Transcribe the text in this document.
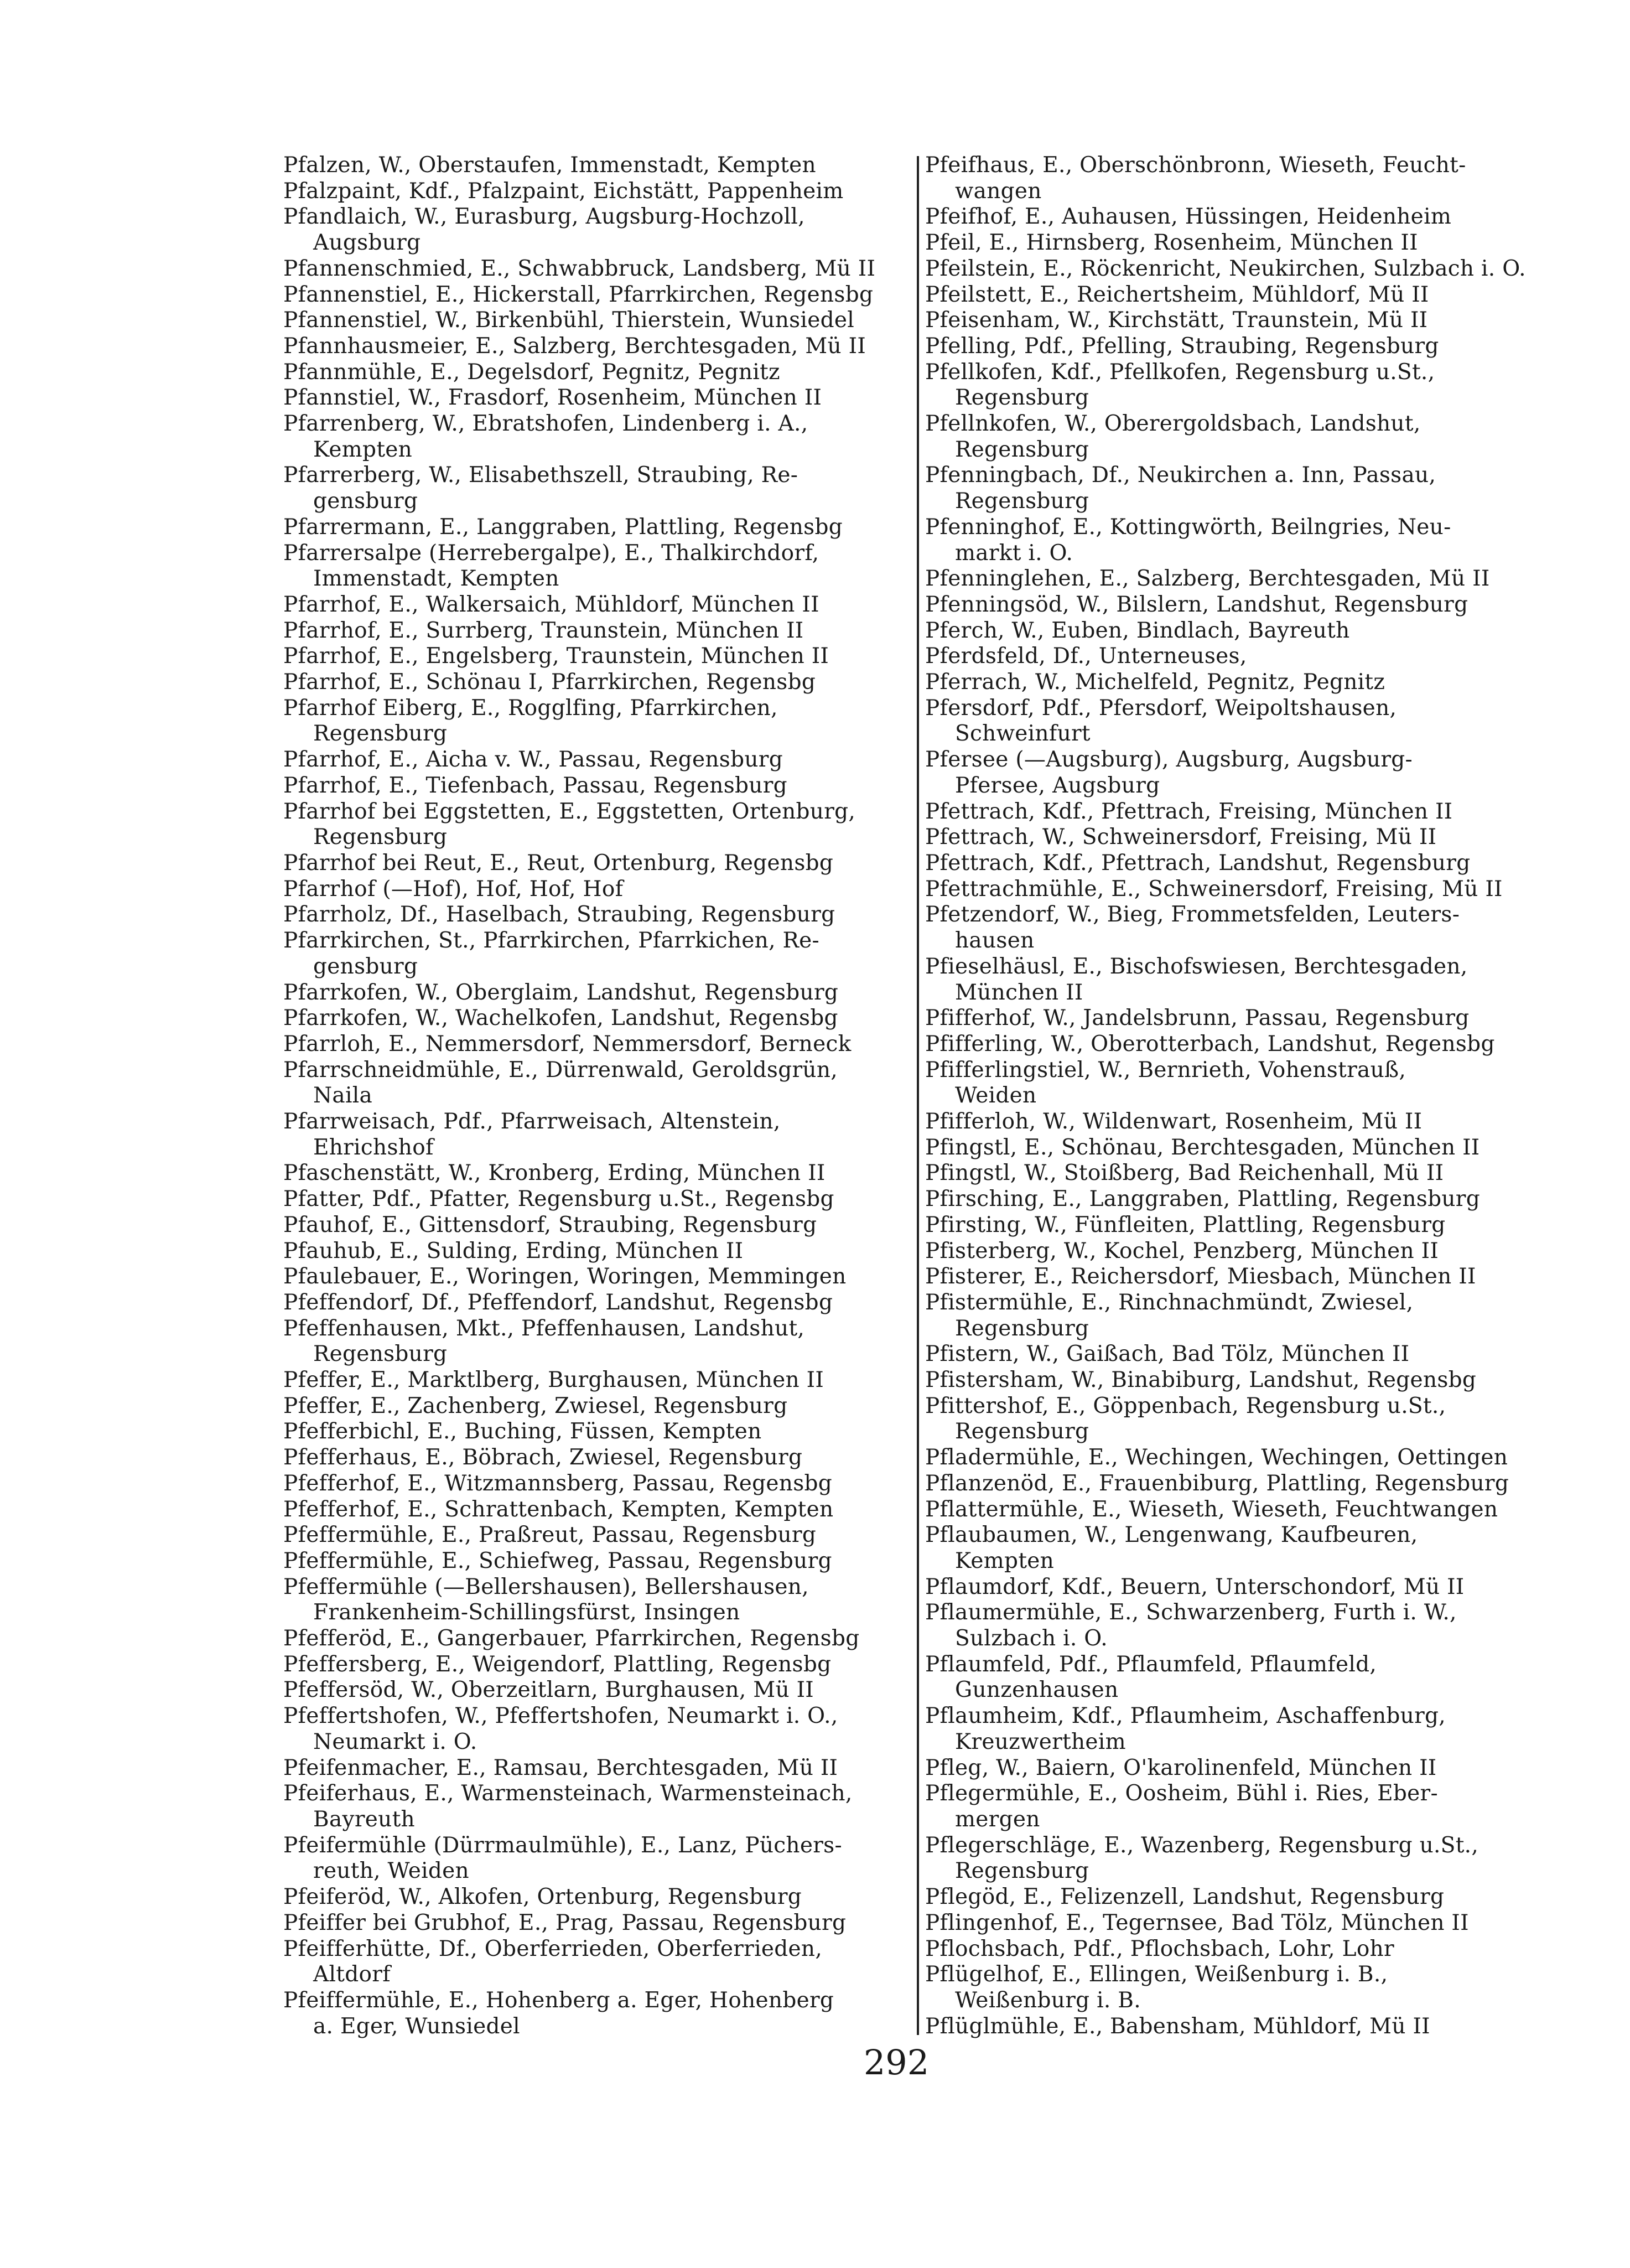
Pfalzen, W., Oberstaufen, Immenstadt, Kempten
Pfalzpaint, Kdf., Pfalzpaint, Eichstätt, Pappenheim
Pfandlaich, W., Eurasburg, Augsburg-Hochzoll,
Augsburg
Pfannenschmied, E., Schwabbruck, Landsberg, Mü II
Pfannenstiel, E., Hickerstall, Pfarrkirchen, Regensbg
Pfannenstiel, W., Birkenbühl, Thierstein, Wunsiedel
Pfannhausmeier, E., Salzberg, Berchtesgaden, Mü II
Pfannmühle, E., Degelsdorf, Pegnitz, Pegnitz
Pfannstiel, W., Frasdorf, Rosenheim, München II
Pfarrenberg, W., Ebratshofen, Lindenberg i. A.,
Kempten
Pfarrerberg, W., Elisabethszell, Straubing, Re-
gensburg
Pfarrermann, E., Langgraben, Plattling, Regensbg
Pfarrersalpe (Herrebergalpe), E., Thalkirchdorf,
Immenstadt, Kempten
Pfarrhof, E., Walkersaich, Mühldorf, München II
Pfarrhof, E., Surrberg, Traunstein, München II
Pfarrhof, E., Engelsberg, Traunstein, München II
Pfarrhof, E., Schönau I, Pfarrkirchen, Regensbg
Pfarrhof Eiberg, E., Rogglfing, Pfarrkirchen,
Regensburg
Pfarrhof, E., Aicha v. W., Passau, Regensburg
Pfarrhof, E., Tiefenbach, Passau, Regensburg
Pfarrhof bei Eggstetten, E., Eggstetten, Ortenburg,
Regensburg
Pfarrhof bei Reut, E., Reut, Ortenburg, Regensbg
Pfarrhof (—Hof), Hof, Hof, Hof
Pfarrholz, Df., Haselbach, Straubing, Regensburg
Pfarrkirchen, St., Pfarrkirchen, Pfarrkichen, Re-
gensburg
Pfarrkofen, W., Oberglaim, Landshut, Regensburg
Pfarrkofen, W., Wachelkofen, Landshut, Regensbg
Pfarrloh, E., Nemmersdorf, Nemmersdorf, Berneck
Pfarrschneidmühle, E., Dürrenwald, Geroldsgrün,
Naila
Pfarrweisach, Pdf., Pfarrweisach, Altenstein,
Ehrichshof
Pfaschenstätt, W., Kronberg, Erding, München II
Pfatter, Pdf., Pfatter, Regensburg u.St., Regensbg
Pfauhof, E., Gittensdorf, Straubing, Regensburg
Pfauhub, E., Sulding, Erding, München II
Pfaulebauer, E., Woringen, Woringen, Memmingen
Pfeffendorf, Df., Pfeffendorf, Landshut, Regensbg
Pfeffenhausen, Mkt., Pfeffenhausen, Landshut,
Regensburg
Pfeffer, E., Marktlberg, Burghausen, München II
Pfeffer, E., Zachenberg, Zwiesel, Regensburg
Pfefferbichl, E., Buching, Füssen, Kempten
Pfefferhaus, E., Böbrach, Zwiesel, Regensburg
Pfefferhof, E., Witzmannsberg, Passau, Regensbg
Pfefferhof, E., Schrattenbach, Kempten, Kempten
Pfeffermühle, E., Praßreut, Passau, Regensburg
Pfeffermühle, E., Schiefweg, Passau, Regensburg
Pfeffermühle (—Bellershausen), Bellershausen,
Frankenheim-Schillingsfürst, Insingen
Pfefferöd, E., Gangerbauer, Pfarrkirchen, Regensbg
Pfeffersberg, E., Weigendorf, Plattling, Regensbg
Pfeffersöd, W., Oberzeitlarn, Burghausen, Mü II
Pfeffertshofen, W., Pfeffertshofen, Neumarkt i. O.,
Neumarkt i. O.
Pfeifenmacher, E., Ramsau, Berchtesgaden, Mü II
Pfeiferhaus, E., Warmensteinach, Warmensteinach,
Bayreuth
Pfeifermühle (Dürrmaulmühle), E., Lanz, Püchers-
reuth, Weiden
Pfeiferöd, W., Alkofen, Ortenburg, Regensburg
Pfeiffer bei Grubhof, E., Prag, Passau, Regensburg
Pfeifferhütte, Df., Oberferrieden, Oberferrieden,
Altdorf
Pfeiffermühle, E., Hohenberg a. Eger, Hohenberg
a. Eger, Wunsiedel
Pfeifhaus, E., Oberschönbronn, Wieseth, Feucht-
wangen
Pfeifhof, E., Auhausen, Hüssingen, Heidenheim
Pfeil, E., Hirnsberg, Rosenheim, München II
Pfeilstein, E., Röckenricht, Neukirchen, Sulzbach i. O.
Pfeilstett, E., Reichertsheim, Mühldorf, Mü II
Pfeisenham, W., Kirchstätt, Traunstein, Mü II
Pfelling, Pdf., Pfelling, Straubing, Regensburg
Pfellkofen, Kdf., Pfellkofen, Regensburg u.St.,
Regensburg
Pfellnkofen, W., Oberergoldsbach, Landshut,
Regensburg
Pfenningbach, Df., Neukirchen a. Inn, Passau,
Regensburg
Pfenninghof, E., Kottingwörth, Beilngries, Neu-
markt i. O.
Pfenninglehen, E., Salzberg, Berchtesgaden, Mü II
Pfenningsöd, W., Bilslern, Landshut, Regensburg
Pferch, W., Euben, Bindlach, Bayreuth
Pferdsfeld, Df., Unterneuses,
Pferrach, W., Michelfeld, Pegnitz, Pegnitz
Pfersdorf, Pdf., Pfersdorf, Weipoltshausen,
Schweinfurt
Pfersee (—Augsburg), Augsburg, Augsburg-
Pfersee, Augsburg
Pfettrach, Kdf., Pfettrach, Freising, München II
Pfettrach, W., Schweinersdorf, Freising, Mü II
Pfettrach, Kdf., Pfettrach, Landshut, Regensburg
Pfettrachmühle, E., Schweinersdorf, Freising, Mü II
Pfetzendorf, W., Bieg, Frommetsfelden, Leuters-
hausen
Pfieselhäusl, E., Bischofswiesen, Berchtesgaden,
München II
Pfifferhof, W., Jandelsbrunn, Passau, Regensburg
Pfifferling, W., Oberotterbach, Landshut, Regensbg
Pfifferlingstiel, W., Bernrieth, Vohenstrauß,
Weiden
Pfifferloh, W., Wildenwart, Rosenheim, Mü II
Pfingstl, E., Schönau, Berchtesgaden, München II
Pfingstl, W., Stoißberg, Bad Reichenhall, Mü II
Pfirsching, E., Langgraben, Plattling, Regensburg
Pfirsting, W., Fünfleiten, Plattling, Regensburg
Pfisterberg, W., Kochel, Penzberg, München II
Pfisterer, E., Reichersdorf, Miesbach, München II
Pfistermühle, E., Rinchnachmündt, Zwiesel,
Regensburg
Pfistern, W., Gaißach, Bad Tölz, München II
Pfistersham, W., Binabiburg, Landshut, Regensbg
Pfittershof, E., Göppenbach, Regensburg u.St.,
Regensburg
Pfladermühle, E., Wechingen, Wechingen, Oettingen
Pflanzenöd, E., Frauenbiburg, Plattling, Regensburg
Pflattermühle, E., Wieseth, Wieseth, Feuchtwangen
Pflaubaumen, W., Lengenwang, Kaufbeuren,
Kempten
Pflaumdorf, Kdf., Beuern, Unterschondorf, Mü II
Pflaumermühle, E., Schwarzenberg, Furth i. W.,
Sulzbach i. O.
Pflaumfeld, Pdf., Pflaumfeld, Pflaumfeld,
Gunzenhausen
Pflaumheim, Kdf., Pflaumheim, Aschaffenburg,
Kreuzwertheim
Pfleg, W., Baiern, O'karolinenfeld, München II
Pflegermühle, E., Oosheim, Bühl i. Ries, Eber-
mergen
Pflegerschläge, E., Wazenberg, Regensburg u.St.,
Regensburg
Pflegöd, E., Felizenzell, Landshut, Regensburg
Pflingenhof, E., Tegernsee, Bad Tölz, München II
Pflochsbach, Pdf., Pflochsbach, Lohr, Lohr
Pflügelhof, E., Ellingen, Weißenburg i. B.,
Weißenburg i. B.
Pflüglmühle, E., Babensham, Mühldorf, Mü II
292
